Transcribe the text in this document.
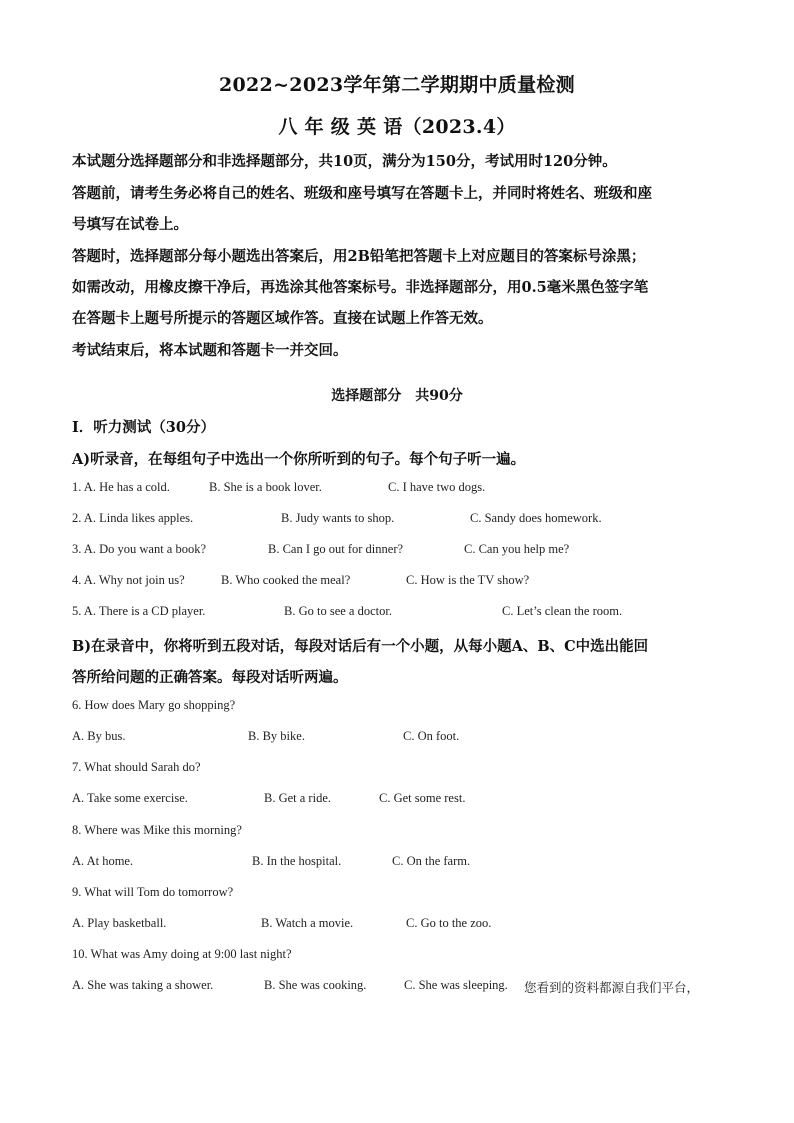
2022~2023学年第二学期期中质量检测
八 年 级 英 语（2023.4）
本试题分选择题部分和非选择题部分，共10页，满分为150分，考试用时120分钟。
答题前，请考生务必将自己的姓名、班级和座号填写在答题卡上，并同时将姓名、班级和座
号填写在试卷上。
答题时，选择题部分每小题选出答案后，用2B铅笔把答题卡上对应题目的答案标号涂黑；
如需改动，用橡皮擦干净后，再选涂其他答案标号。非选择题部分，用0.5毫米黑色签字笔
在答题卡上题号所提示的答题区域作答。直接在试题上作答无效。
考试结束后，将本试题和答题卡一并交回。
选择题部分　共90分
I．听力测试（30分）
A)听录音，在每组句子中选出一个你所听到的句子。每个句子听一遍。
1. A. He has a cold.	B. She is a book lover.	C. I have two dogs.
2. A. Linda likes apples.	B. Judy wants to shop.	C. Sandy does homework.
3. A. Do you want a book?	B. Can I go out for dinner?	C. Can you help me?
4. A. Why not join us?	B. Who cooked the meal?	C. How is the TV show?
5. A. There is a CD player.	B. Go to see a doctor.	C. Let’s clean the room.
B)在录音中，你将听到五段对话，每段对话后有一个小题，从每小题A、B、C中选出能回
答所给问题的正确答案。每段对话听两遍。
6. How does Mary go shopping?
A. By bus.	B. By bike.	C. On foot.
7. What should Sarah do?
A. Take some exercise.	B. Get a ride.	C. Get some rest.
8. Where was Mike this morning?
A. At home.	B. In the hospital.	C. On the farm.
9. What will Tom do tomorrow?
A. Play basketball.	B. Watch a movie.	C. Go to the zoo.
10. What was Amy doing at 9:00 last night?
A. She was taking a shower.	B. She was cooking.	C. She was sleeping. 您看到的资料都源自我们平台，
